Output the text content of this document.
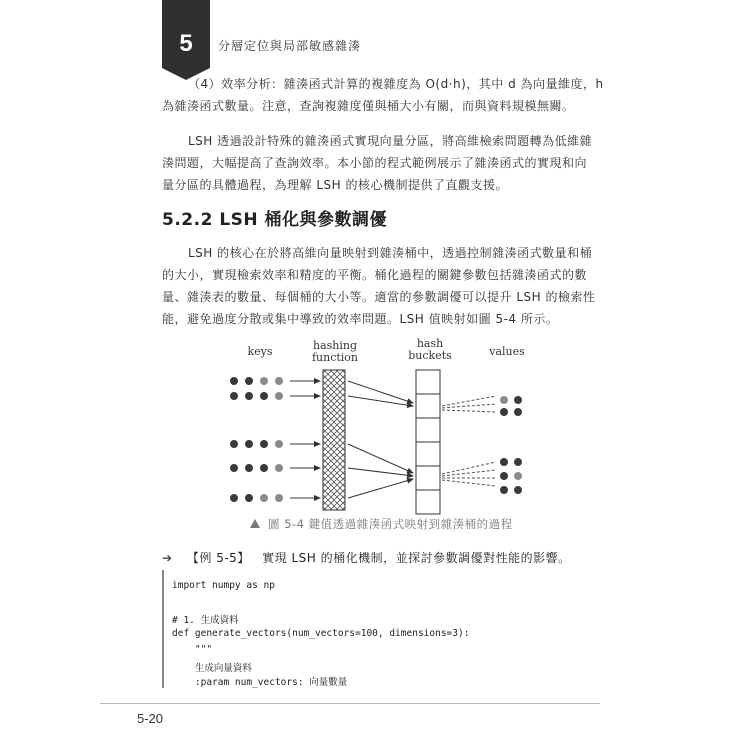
5	分層定位與局部敏感雜湊
（4）效率分析：雜湊函式計算的複雜度為 O(d·h)，其中 d 為向量維度，h
為雜湊函式數量。注意，查詢複雜度僅與桶大小有關，而與資料規模無關。
LSH 透過設計特殊的雜湊函式實現向量分區，將高維檢索問題轉為低維雜
湊問題，大幅提高了查詢效率。本小節的程式範例展示了雜湊函式的實現和向
量分區的具體過程，為理解 LSH 的核心機制提供了直觀支援。
5.2.2 LSH 桶化與參數調優
LSH 的核心在於將高維向量映射到雜湊桶中，透過控制雜湊函式數量和桶
的大小，實現檢索效率和精度的平衡。桶化過程的關鍵參數包括雜湊函式的數
量、雜湊表的數量、每個桶的大小等。適當的參數調優可以提升 LSH 的檢索性
能，避免過度分散或集中導致的效率問題。LSH 值映射如圖 5-4 所示。
keys	hashing
function
hash
buckets	values
圖 5-4 鍵值透過雜湊函式映射到雜湊桶的過程
➔ 【例 5-5】 實現 LSH 的桶化機制，並探討參數調優對性能的影響。
import numpy as np
# 1. 生成資料
def generate_vectors(num_vectors=100, dimensions=3):
"""
生成向量資料
:param num_vectors: 向量數量
5-20
